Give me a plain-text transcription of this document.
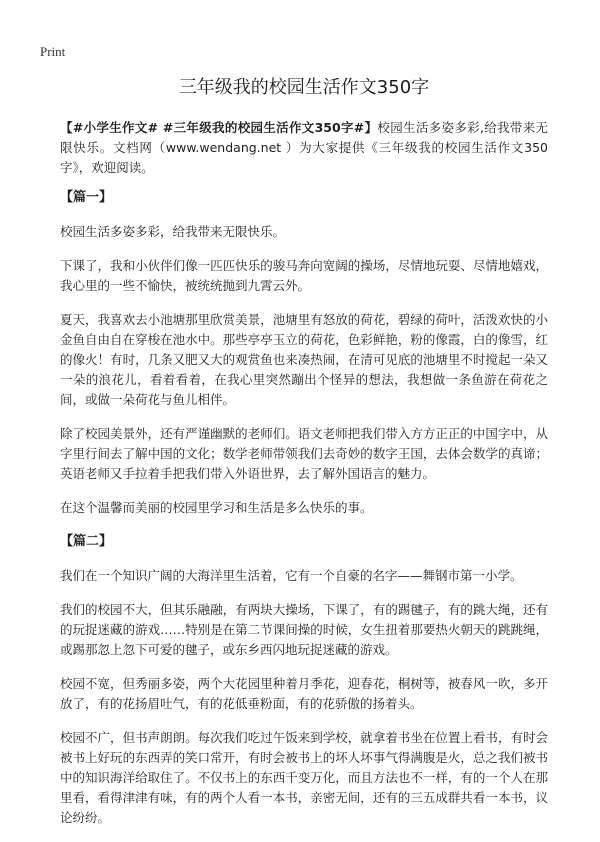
Print
三年级我的校园生活作文350字

【#小学生作文# #三年级我的校园生活作文350字#】校园生活多姿多彩,给我带来无限快乐。文档网（www.wendang.net ）为大家提供《三年级我的校园生活作文350字》，欢迎阅读。

【篇一】

校园生活多姿多彩，给我带来无限快乐。

下课了，我和小伙伴们像一匹匹快乐的骏马奔向宽阔的操场，尽情地玩耍、尽情地嬉戏，我心里的一些不愉快，被统统抛到九霄云外。

夏天，我喜欢去小池塘那里欣赏美景，池塘里有怒放的荷花，碧绿的荷叶，活泼欢快的小金鱼自由自在穿梭在池水中。那些亭亭玉立的荷花，色彩鲜艳，粉的像霞，白的像雪，红的像火！有时，几条又肥又大的观赏鱼也来凑热闹，在清可见底的池塘里不时搅起一朵又一朵的浪花儿，看着看着，在我心里突然蹦出个怪异的想法，我想做一条鱼游在荷花之间，或做一朵荷花与鱼儿相伴。

除了校园美景外，还有严谨幽默的老师们。语文老师把我们带入方方正正的中国字中，从字里行间去了解中国的文化；数学老师带领我们去奇妙的数字王国，去体会数学的真谛；英语老师又手拉着手把我们带入外语世界，去了解外国语言的魅力。

在这个温馨而美丽的校园里学习和生活是多么快乐的事。

【篇二】

我们在一个知识广阔的大海洋里生活着，它有一个自豪的名字——舞钢市第一小学。

我们的校园不大，但其乐融融，有两块大操场，下课了，有的踢毽子，有的跳大绳，还有的玩捉迷藏的游戏……特别是在第二节课间操的时候，女生扭着那要热火朝天的跳跳绳，或踢那忽上忽下可爱的毽子，或东乡西闪地玩捉迷藏的游戏。

校园不宽，但秀丽多姿，两个大花园里种着月季花，迎春花，桐树等，被春风一吹，多开放了，有的花扬眉吐气，有的花低垂粉面，有的花骄傲的扬着头。

校园不广，但书声朗朗。每次我们吃过午饭来到学校，就拿着书坐在位置上看书，有时会被书上好玩的东西弄的笑口常开，有时会被书上的坏人坏事气得满腹是火，总之我们被书中的知识海洋给取住了。不仅书上的东西千变万化，而且方法也不一样，有的一个人在那里看，看得津津有味，有的两个人看一本书，亲密无间，还有的三五成群共看一本书，议论纷纷。
